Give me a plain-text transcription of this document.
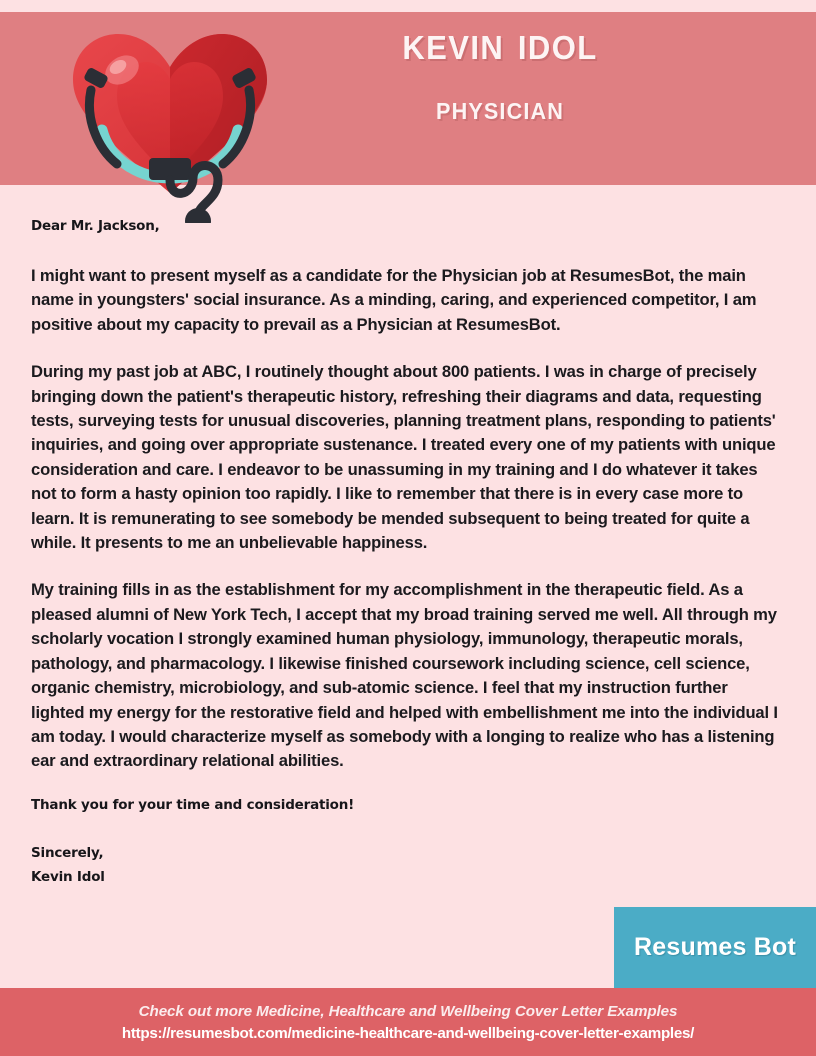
kevin idol
physician
Dear Mr. Jackson,

I might want to present myself as a candidate for the Physician job at ResumesBot, the main name in youngsters' social insurance. As a minding, caring, and experienced competitor, I am positive about my capacity to prevail as a Physician at ResumesBot.

During my past job at ABC, I routinely thought about 800 patients. I was in charge of precisely bringing down the patient's therapeutic history, refreshing their diagrams and data, requesting tests, surveying tests for unusual discoveries, planning treatment plans, responding to patients' inquiries, and going over appropriate sustenance. I treated every one of my patients with unique consideration and care. I endeavor to be unassuming in my training and I do whatever it takes not to form a hasty opinion too rapidly. I like to remember that there is in every case more to learn. It is remunerating to see somebody be mended subsequent to being treated for quite a while. It presents to me an unbelievable happiness.

My training fills in as the establishment for my accomplishment in the therapeutic field. As a pleased alumni of New York Tech, I accept that my broad training served me well. All through my scholarly vocation I strongly examined human physiology, immunology, therapeutic morals, pathology, and pharmacology. I likewise finished coursework including science, cell science, organic chemistry, microbiology, and sub-atomic science. I feel that my instruction further lighted my energy for the restorative field and helped with embellishment me into the individual I am today. I would characterize myself as somebody with a longing to realize who has a listening ear and extraordinary relational abilities.

Thank you for your time and consideration!
Sincerely,
Kevin Idol
Resumes Bot
Check out more Medicine, Healthcare and Wellbeing Cover Letter Examples
https://resumesbot.com/medicine-healthcare-and-wellbeing-cover-letter-examples/
